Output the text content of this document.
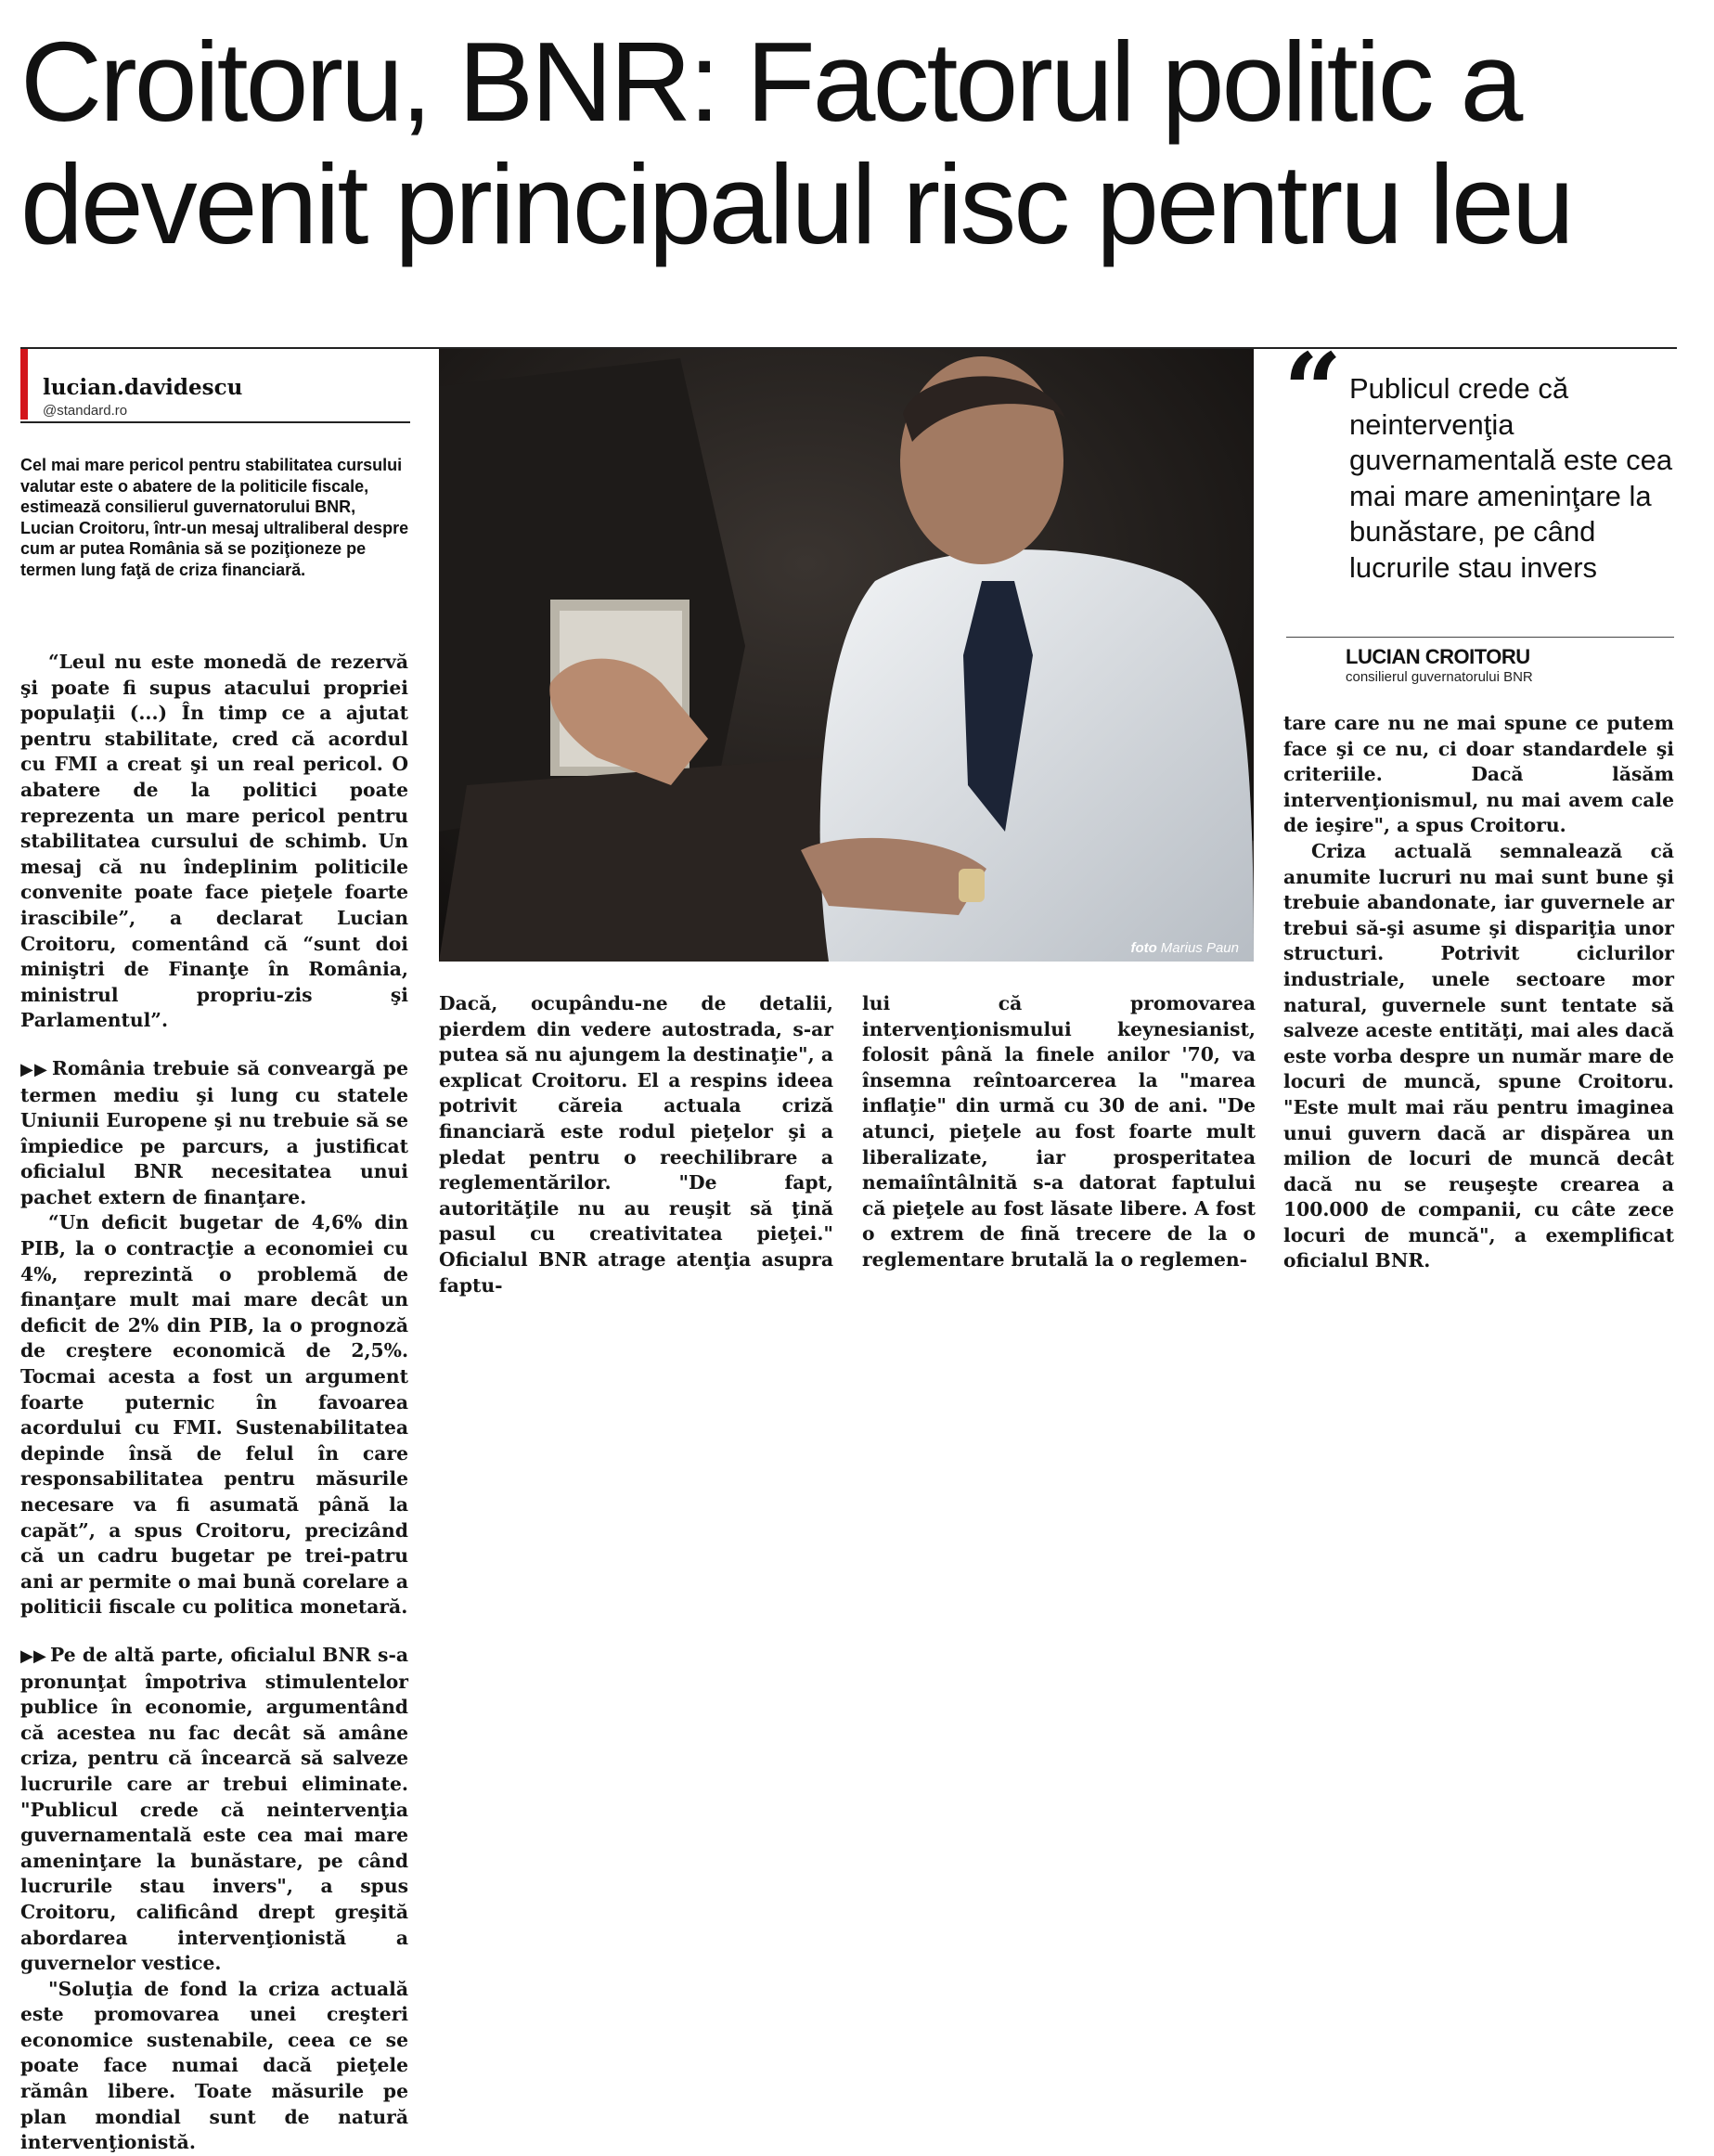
Croitoru, BNR: Factorul politic a devenit principalul risc pentru leu
lucian.davidescu
@standard.ro
Cel mai mare pericol pentru stabilitatea cursului valutar este o abatere de la politicile fiscale, estimează consilierul guvernatorului BNR, Lucian Croitoru, într-un mesaj ultraliberal despre cum ar putea România să se poziţioneze pe termen lung faţă de criza financiară.

“Leul nu este monedă de rezervă şi poate fi supus atacului propriei populaţii (...) În timp ce a ajutat pentru stabilitate, cred că acordul cu FMI a creat şi un real pericol. O abatere de la politici poate reprezenta un mare pericol pentru stabilitatea cursului de schimb. Un mesaj că nu îndeplinim politicile convenite poate face pieţele foarte irascibile”, a declarat Lucian Croitoru, comentând că “sunt doi miniştri de Finanţe în România, ministrul propriu-zis şi Parlamentul”.

▶▶ România trebuie să conveargă pe termen mediu şi lung cu statele Uniunii Europene şi nu trebuie să se împiedice pe parcurs, a justificat oficialul BNR necesitatea unui pachet extern de finanţare.

“Un deficit bugetar de 4,6% din PIB, la o contracţie a economiei cu 4%, reprezintă o problemă de finanţare mult mai mare decât un deficit de 2% din PIB, la o prognoză de creştere economică de 2,5%. Tocmai acesta a fost un argument foarte puternic în favoarea acordului cu FMI. Sustenabilitatea depinde însă de felul în care responsabilitatea pentru măsurile necesare va fi asumată până la capăt”, a spus Croitoru, precizând că un cadru bugetar pe trei-patru ani ar permite o mai bună corelare a politicii fiscale cu politica monetară.

▶▶ Pe de altă parte, oficialul BNR s-a pronunţat împotriva stimulentelor publice în economie, argumentând că acestea nu fac decât să amâne criza, pentru că încearcă să salveze lucrurile care ar trebui eliminate. "Publicul crede că neintervenţia guvernamentală este cea mai mare ameninţare la bunăstare, pe când lucrurile stau invers", a spus Croitoru, calificând drept greşită abordarea intervenţionistă a guvernelor vestice.

"Soluţia de fond la criza actuală este promovarea unei creşteri economice sustenabile, ceea ce se poate face numai dacă pieţele rămân libere. Toate măsurile pe plan mondial sunt de natură intervenţionistă.

foto Marius Paun

Dacă, ocupându-ne de detalii, pierdem din vedere autostrada, s-ar putea să nu ajungem la destinaţie", a explicat Croitoru. El a respins ideea potrivit căreia actuala criză financiară este rodul pieţelor şi a pledat pentru o reechilibrare a reglementărilor. "De fapt, autorităţile nu au reuşit să ţină pasul cu creativitatea pieţei." Oficialul BNR atrage atenţia asupra faptu-

lui că promovarea intervenţionismului keynesianist, folosit până la finele anilor '70, va însemna reîntoarcerea la "marea inflaţie" din urmă cu 30 de ani. "De atunci, pieţele au fost foarte mult liberalizate, iar prosperitatea nemaiîntâlnită s-a datorat faptului că pieţele au fost lăsate libere. A fost o extrem de fină trecere de la o reglementare brutală la o reglemen-

“ Publicul crede că neintervenţia guvernamentală este cea mai mare ameninţare la bunăstare, pe când lucrurile stau invers
LUCIAN CROITORU
consilierul guvernatorului BNR

tare care nu ne mai spune ce putem face şi ce nu, ci doar standardele şi criteriile. Dacă lăsăm intervenţionismul, nu mai avem cale de ieşire", a spus Croitoru.

Criza actuală semnalează că anumite lucruri nu mai sunt bune şi trebuie abandonate, iar guvernele ar trebui să-şi asume şi dispariţia unor structuri. Potrivit ciclurilor industriale, unele sectoare mor natural, guvernele sunt tentate să salveze aceste entităţi, mai ales dacă este vorba despre un număr mare de locuri de muncă, spune Croitoru. "Este mult mai rău pentru imaginea unui guvern dacă ar dispărea un milion de locuri de muncă decât dacă nu se reuşeşte crearea a 100.000 de companii, cu câte zece locuri de muncă", a exemplificat oficialul BNR.
